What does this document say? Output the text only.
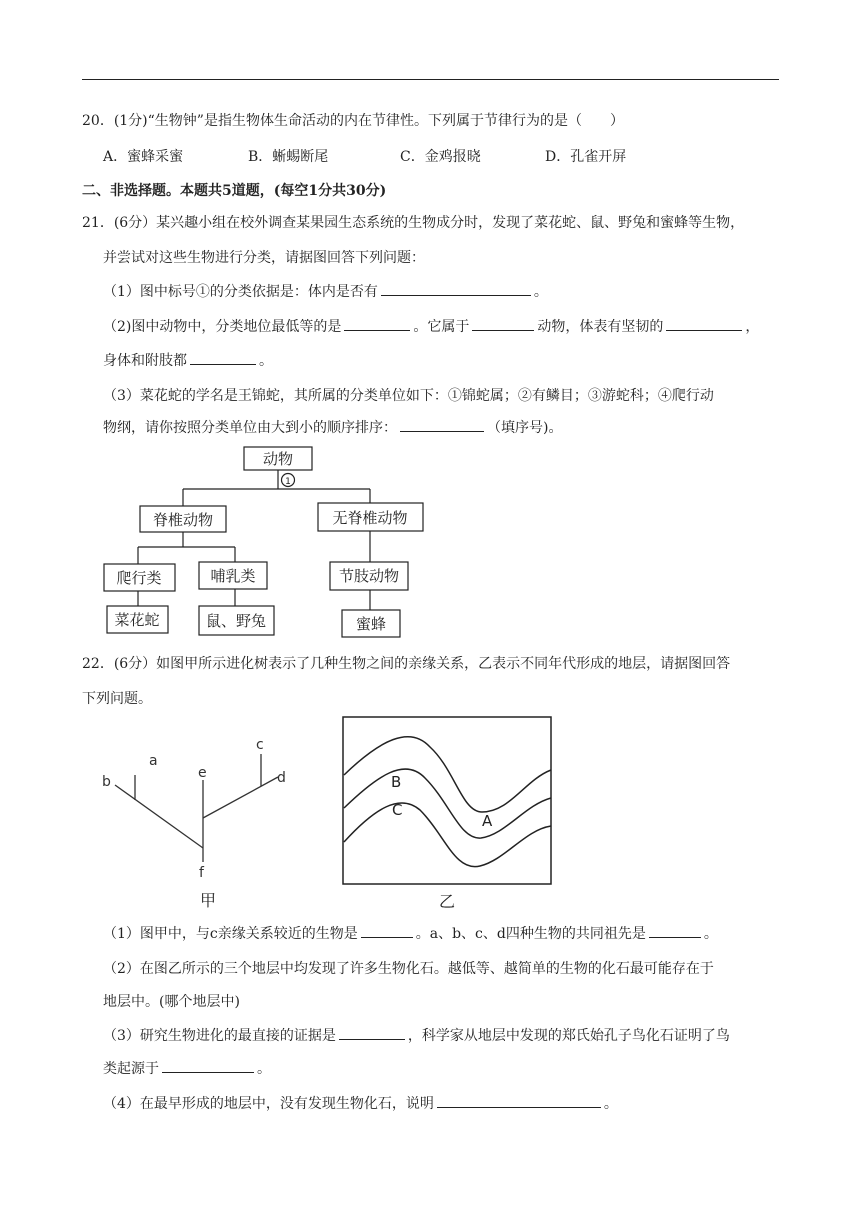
20．(1分)“生物钟”是指生物体生命活动的内在节律性。下列属于节律行为的是（　　）
A．蜜蜂采蜜	B．蜥蜴断尾	C．金鸡报晓	D．孔雀开屏
二、非选择题。本题共5道题，(每空1分共30分)
21．(6分）某兴趣小组在校外调查某果园生态系统的生物成分时，发现了菜花蛇、鼠、野兔和蜜蜂等生物，
并尝试对这些生物进行分类，请据图回答下列问题：
（1）图中标号①的分类依据是：体内是否有	。
（2)图中动物中，分类地位最低等的是	。它属于	动物，体表有坚韧的	，
身体和附肢都	。
（3）菜花蛇的学名是王锦蛇，其所属的分类单位如下：①锦蛇属；②有鳞目；③游蛇科；④爬行动
物纲，请你按照分类单位由大到小的顺序排序：	（填序号)。
动物
1
脊椎动物	无脊椎动物
爬行类	哺乳类	节肢动物
菜花蛇	鼠、野兔	蜜蜂
22．(6分）如图甲所示进化树表示了几种生物之间的亲缘关系，乙表示不同年代形成的地层，请据图回答
下列问题。
a
b
c
d
e
f
甲
A
B
C
乙
（1）图甲中，与c亲缘关系较近的生物是	。a、b、c、d四种生物的共同祖先是	。
（2）在图乙所示的三个地层中均发现了许多生物化石。越低等、越简单的生物的化石最可能存在于
地层中。(哪个地层中)
（3）研究生物进化的最直接的证据是	，科学家从地层中发现的郑氏始孔子鸟化石证明了鸟
类起源于	。
（4）在最早形成的地层中，没有发现生物化石，说明	。
